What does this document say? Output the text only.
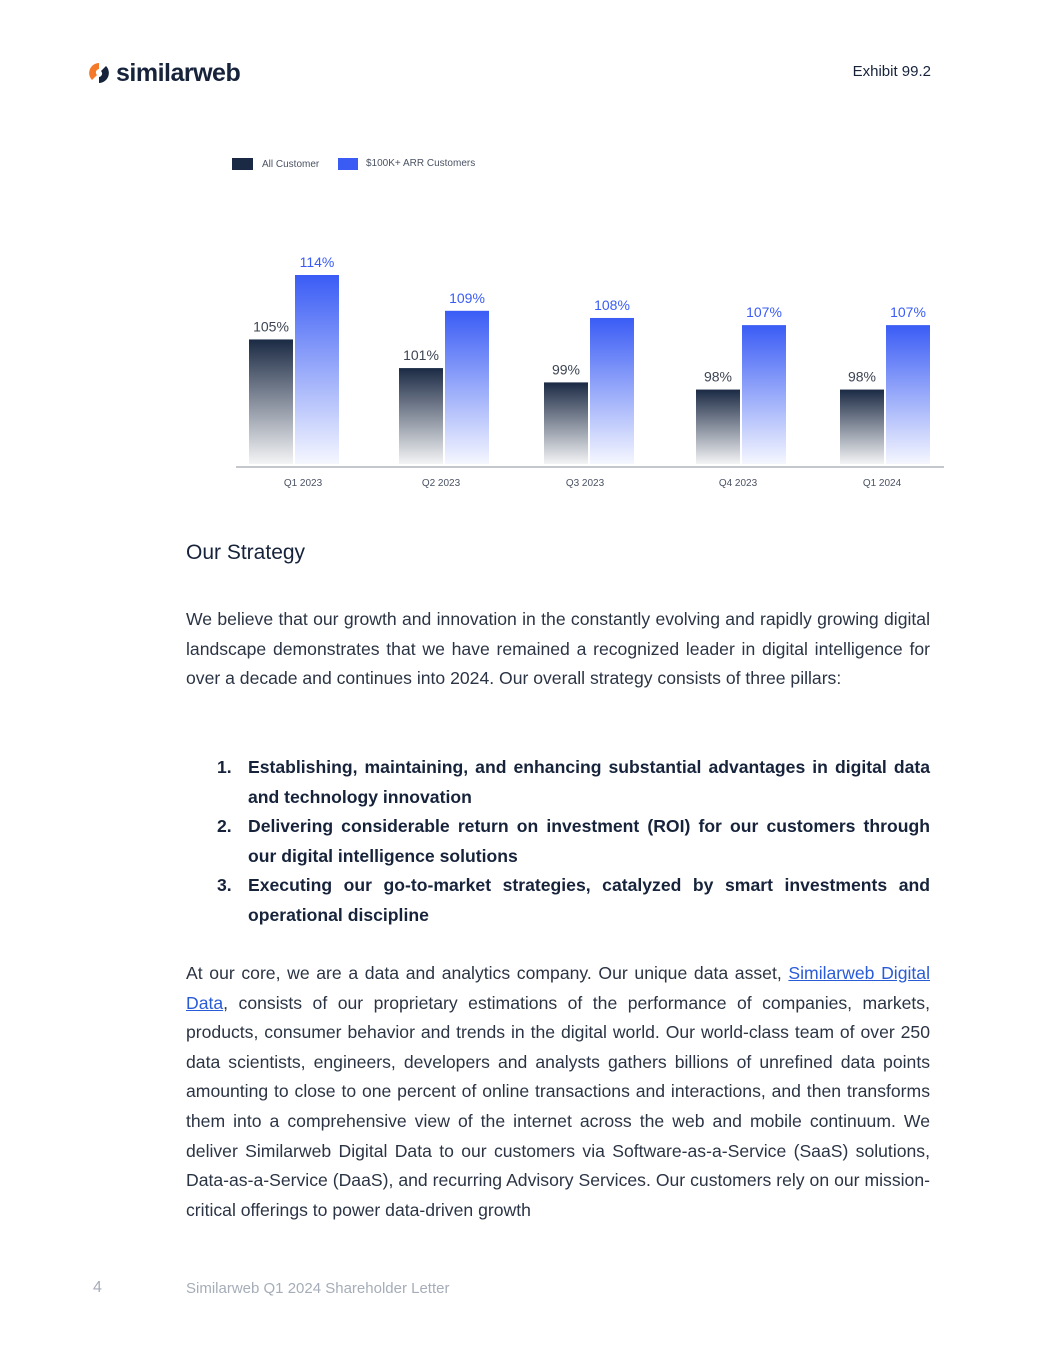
similarweb	Exhibit 99.2
All Customer	$100K+ ARR Customers
105%
114%
Q1 2023
101%
109%
Q2 2023
99%
108%
Q3 2023
98%
107%
Q4 2023
98%
107%
Q1 2024
Our Strategy

We believe that our growth and innovation in the constantly evolving and rapidly growing digital landscape demonstrates that we have remained a recognized leader in digital intelligence for over a decade and continues into 2024. Our overall strategy consists of three pillars:

1. Establishing, maintaining, and enhancing substantial advantages in digital data and technology innovation
2. Delivering considerable return on investment (ROI) for our customers through our digital intelligence solutions
3. Executing our go-to-market strategies, catalyzed by smart investments and operational discipline

At our core, we are a data and analytics company. Our unique data asset, Similarweb Digital Data, consists of our proprietary estimations of the performance of companies, markets, products, consumer behavior and trends in the digital world. Our world-class team of over 250 data scientists, engineers, developers and analysts gathers billions of unrefined data points amounting to close to one percent of online transactions and interactions, and then transforms them into a comprehensive view of the internet across the web and mobile continuum. We deliver Similarweb Digital Data to our customers via Software-as-a-Service (SaaS) solutions, Data-as-a-Service (DaaS), and recurring Advisory Services. Our customers rely on our mission-critical offerings to power data-driven growth

4	Similarweb Q1 2024 Shareholder Letter
